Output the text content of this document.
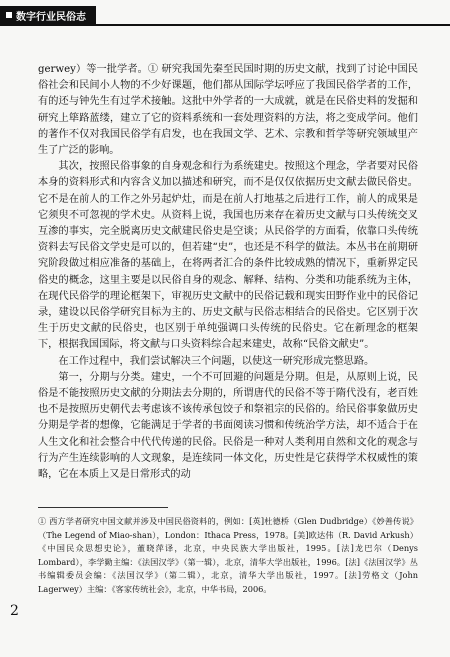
数字行业民俗志

gerwey）等一批学者。① 研究我国先秦至民国时期的历史文献，找到了讨论中国民俗社会和民间小人物的不少好课题，他们都从国际学坛呼应了我国民俗学者的工作，有的还与钟先生有过学术接触。这批中外学者的一大成就，就是在民俗史料的发掘和研究上筚路蓝缕，建立了它的资料系统和一套处理资料的方法，将之变成学问。他们的著作不仅对我国民俗学有启发，也在我国文学、艺术、宗教和哲学等研究领域里产生了广泛的影响。

其次，按照民俗事象的自身观念和行为系统建史。按照这个理念，学者要对民俗本身的资料形式和内容含义加以描述和研究，而不是仅仅依据历史文献去做民俗史。它不是在前人的工作之外另起炉灶，而是在前人打地基之后进行工作，前人的成果是它须臾不可忽视的学术史。从资料上说，我国也历来存在着历史文献与口头传统交叉互渗的事实，完全脱离历史文献建民俗史是空谈；从民俗学的方面看，依靠口头传统资料去写民俗文学史是可以的，但若建“史”，也还是不科学的做法。本丛书在前期研究阶段做过相应准备的基础上，在将两者汇合的条件比较成熟的情况下，重新界定民俗史的概念，这里主要是以民俗自身的观念、解释、结构、分类和功能系统为主体，在现代民俗学的理论框架下，审视历史文献中的民俗记载和现实田野作业中的民俗记录，建设以民俗学研究目标为主的、历史文献与民俗志相结合的民俗史。它区别于次生于历史文献的民俗史，也区别于单纯强调口头传统的民俗史。它在新理念的框架下，根据我国国际，将文献与口头资料综合起来建史，故称“民俗文献史”。

在工作过程中，我们尝试解决三个问题，以使这一研究形成完整思路。

第一，分期与分类。建史，一个不可回避的问题是分期。但是，从原则上说，民俗是不能按照历史文献的分期法去分期的，所谓唐代的民俗不等于隋代没有，老百姓也不是按照历史朝代去考虑该不该传承包饺子和祭祖宗的民俗的。给民俗事象做历史分期是学者的想像，它能满足于学者的书面阅读习惯和传统治学方法，却不适合于在人生文化和社会整合中代代传递的民俗。民俗是一种对人类利用自然和文化的观念与行为产生连续影响的人文现象，是连续同一体文化，历史性是它获得学术权威性的策略，它在本质上又是日常形式的动

① 西方学者研究中国文献并涉及中国民俗资料的，例如：[英]杜德桥（Glen Dudbridge）《妙善传说》（The Legend of Miao-shan），London：Ithaca Press，1978。[美]欧达伟（R. David Arkush）《中国民众思想史论》，董晓萍译，北京，中央民族大学出版社，1995。[法]龙巴尔（Denys Lombard），李学勤主编：《法国汉学》（第一辑），北京，清华大学出版社，1996。[法]《法国汉学》丛书编辑委员会编：《法国汉学》（第二辑），北京，清华大学出版社，1997。[法]劳格文（John Lagerwey）主编：《客家传统社会》，北京，中华书局，2006。

2
